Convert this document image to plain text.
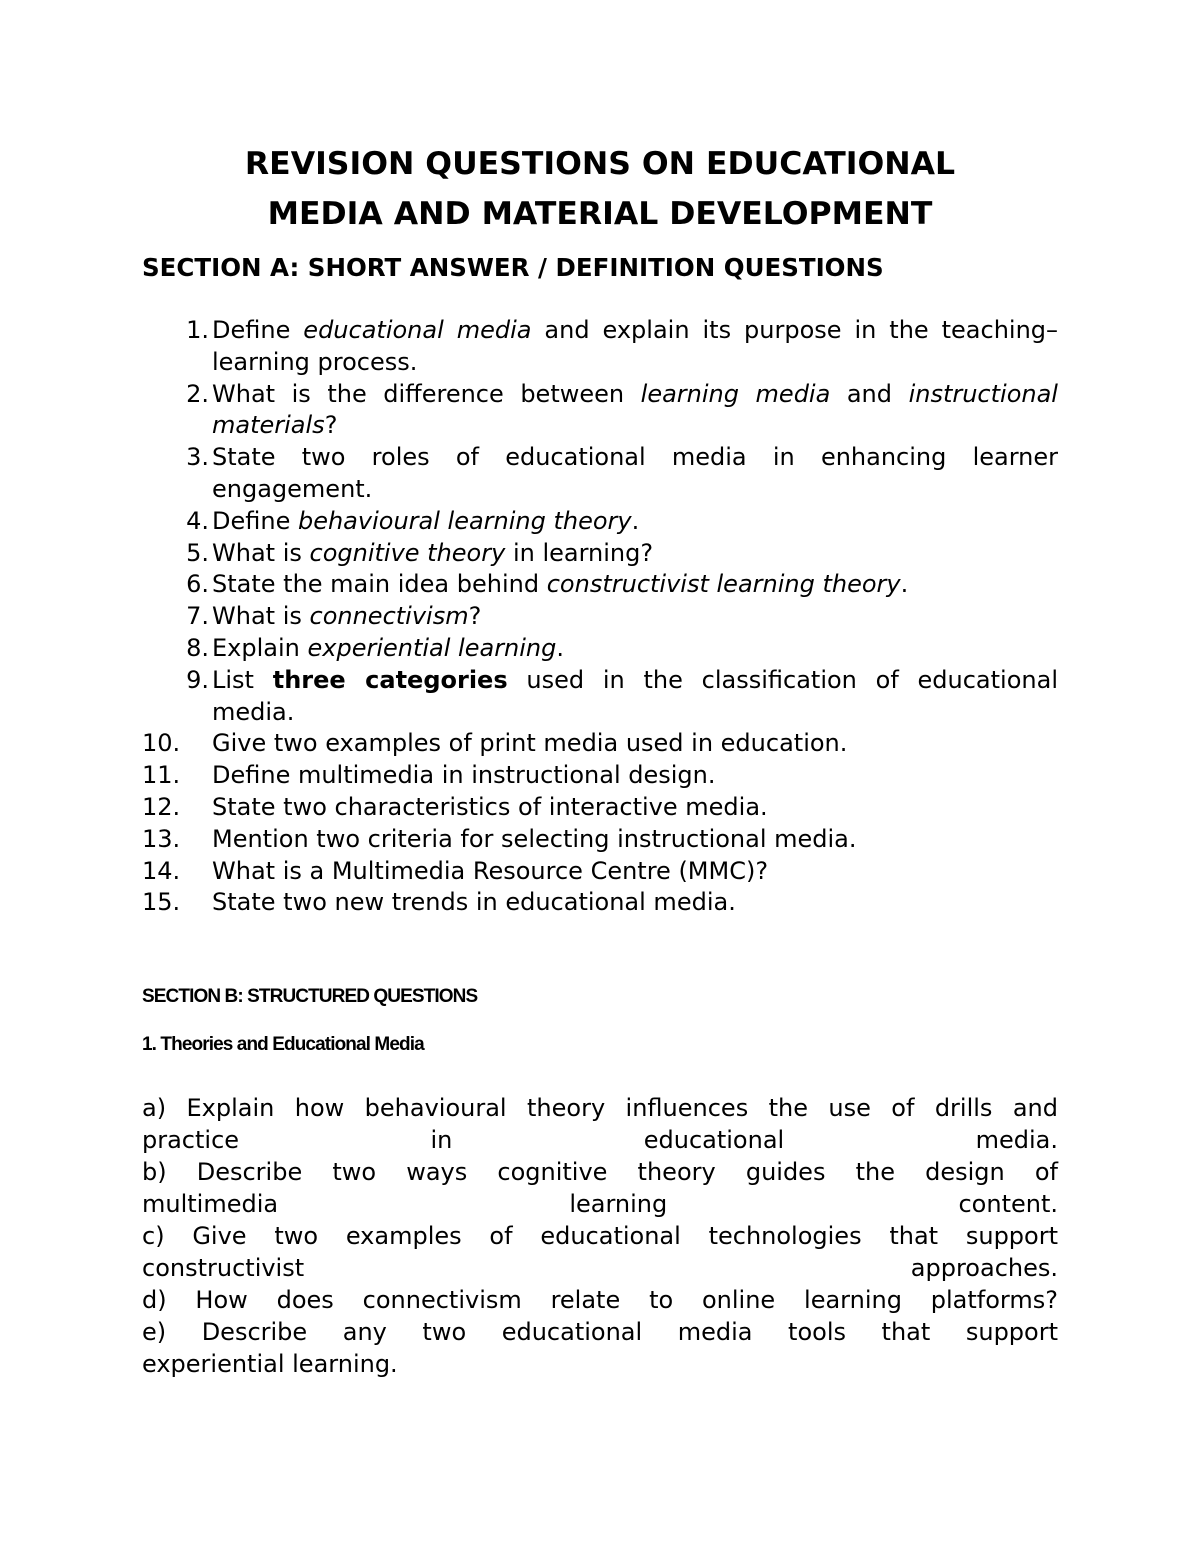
REVISION QUESTIONS ON EDUCATIONAL
MEDIA AND MATERIAL DEVELOPMENT
SECTION A: SHORT ANSWER / DEFINITION QUESTIONS
1. Define educational media and explain its purpose in the teaching–learning process.
2. What is the difference between learning media and instructional materials?
3. State two roles of educational media in enhancing learner engagement.
4. Define behavioural learning theory.
5. What is cognitive theory in learning?
6. State the main idea behind constructivist learning theory.
7. What is connectivism?
8. Explain experiential learning.
9. List three categories used in the classification of educational media.
10.	Give two examples of print media used in education.
11.	Define multimedia in instructional design.
12.	State two characteristics of interactive media.
13.	Mention two criteria for selecting instructional media.
14.	What is a Multimedia Resource Centre (MMC)?
15.	State two new trends in educational media.
SECTION B: STRUCTURED QUESTIONS
1. Theories and Educational Media
a) Explain how behavioural theory influences the use of drills and
practice in educational media.
b) Describe two ways cognitive theory guides the design of
multimedia learning content.
c) Give two examples of educational technologies that support
constructivist approaches.
d) How does connectivism relate to online learning platforms?
e) Describe any two educational media tools that support
experiential learning.
